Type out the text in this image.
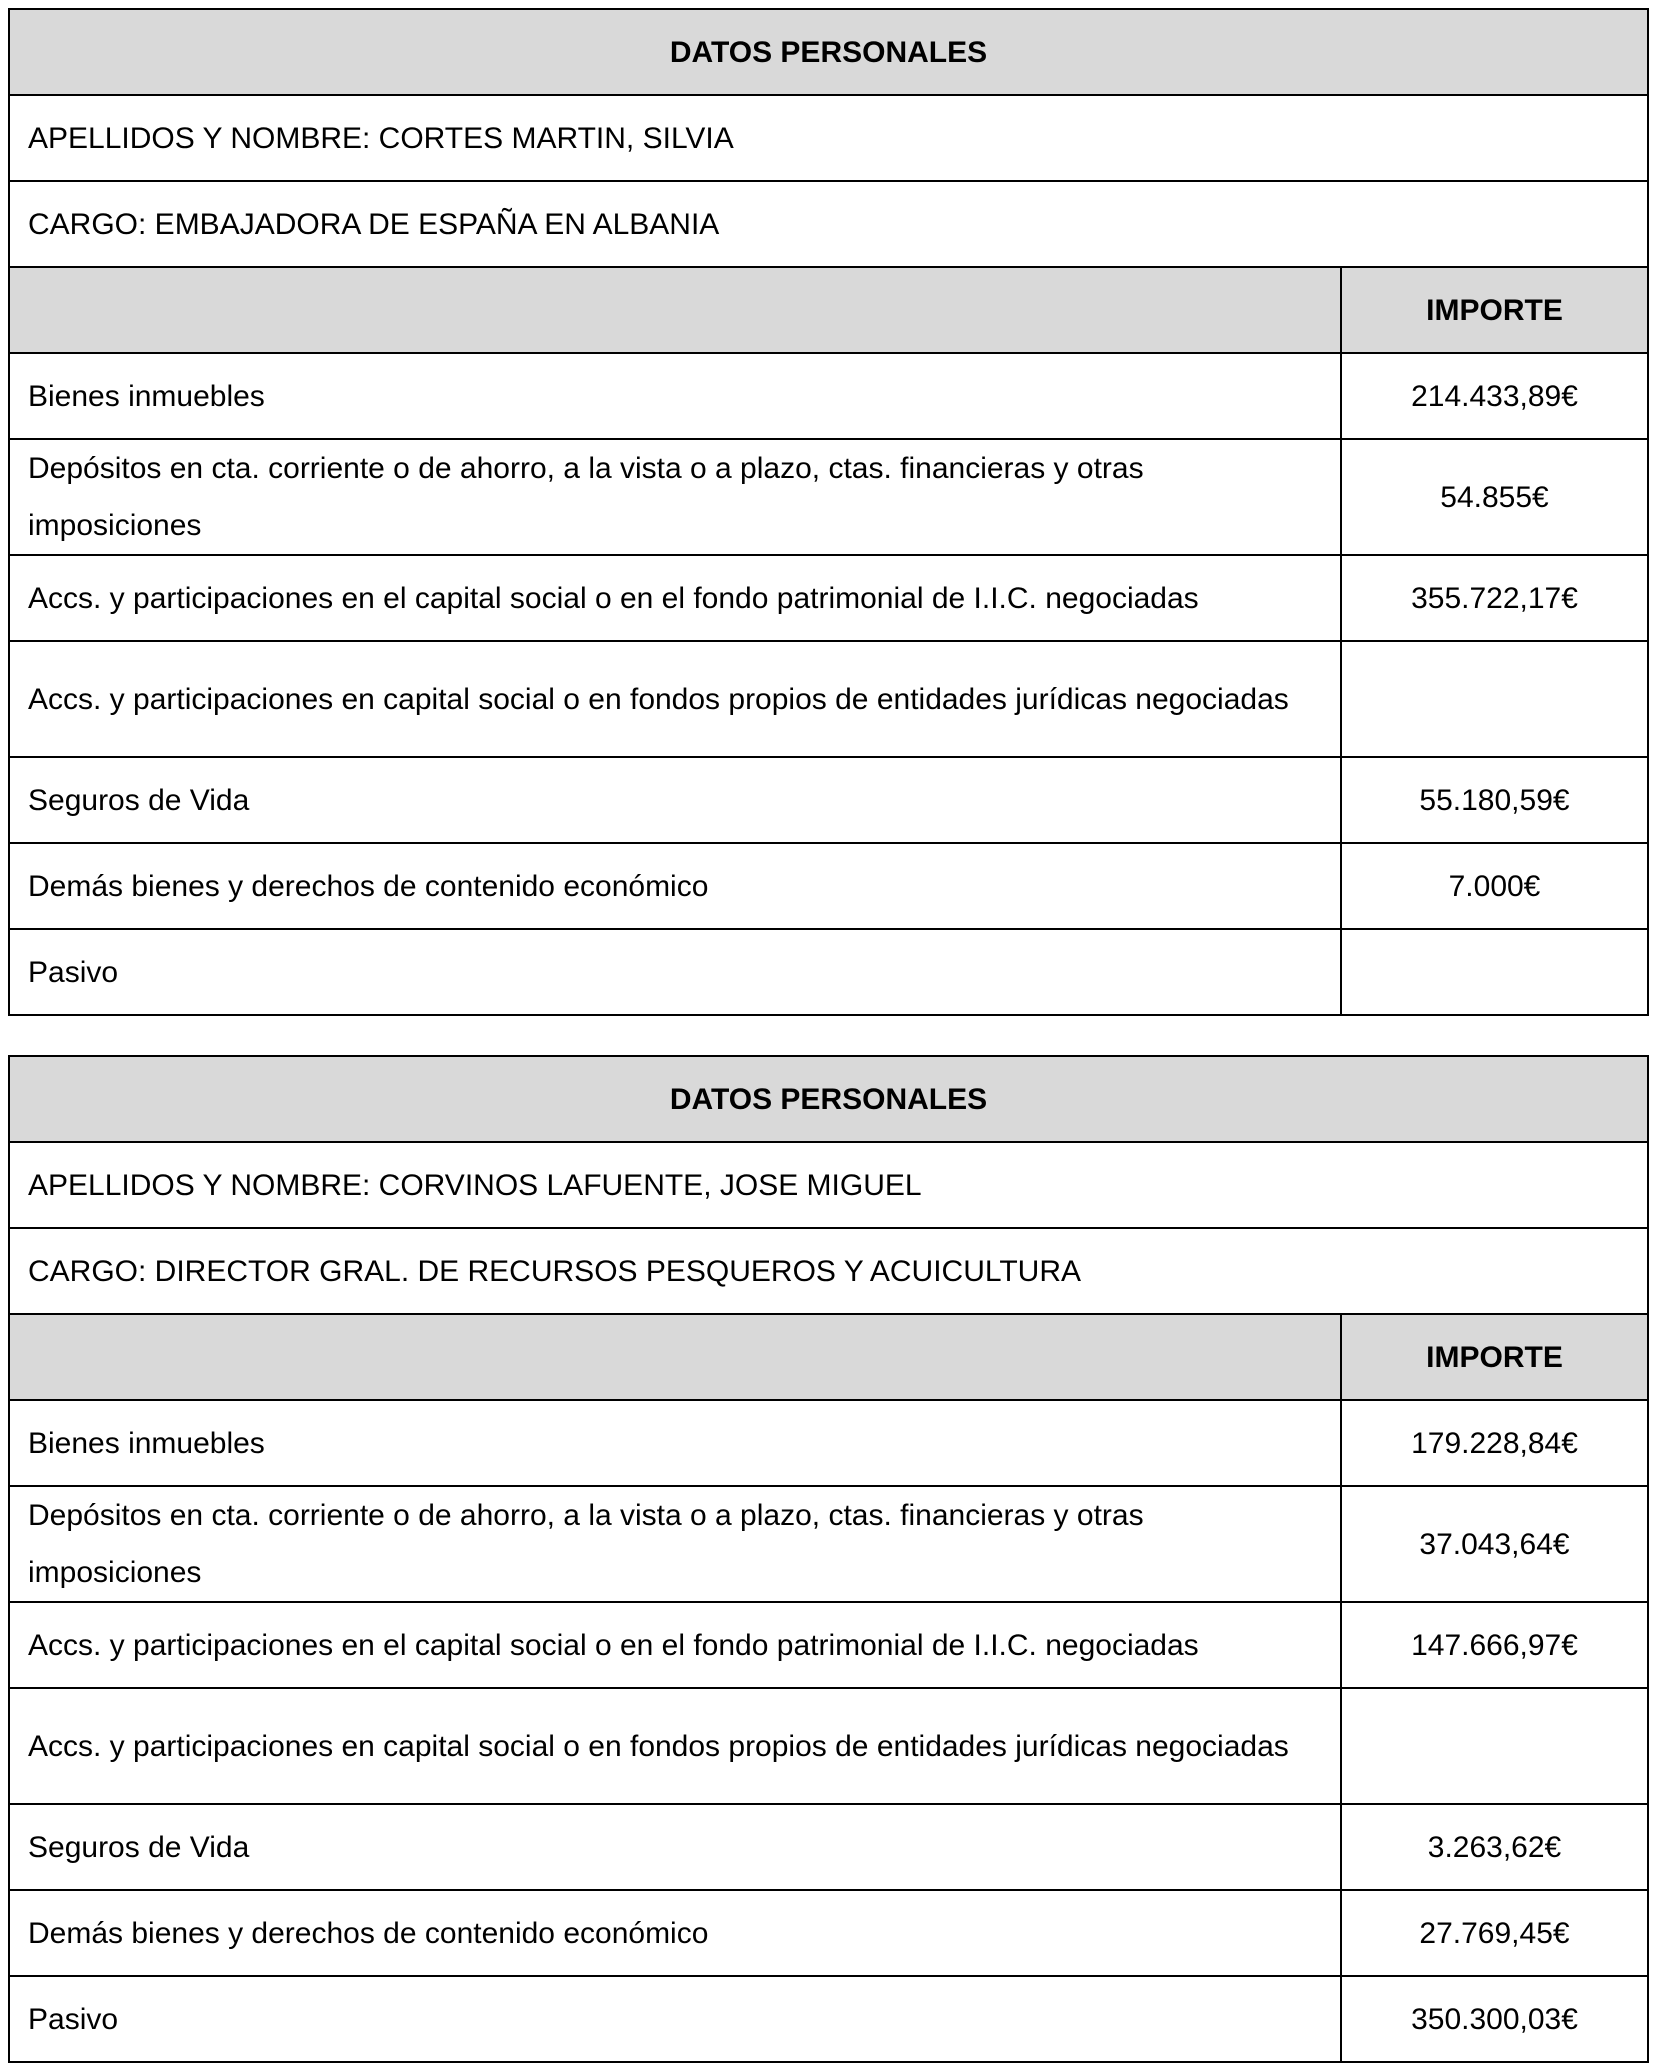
DATOS PERSONALES	
APELLIDOS Y NOMBRE: CORTES MARTIN, SILVIA	
CARGO: EMBAJADORA DE ESPAÑA EN ALBANIA	
	IMPORTE
Bienes inmuebles	214.433,89€
Depósitos en cta. corriente o de ahorro, a la vista o a plazo, ctas. financieras y otras imposiciones	54.855€
Accs. y participaciones en el capital social o en el fondo patrimonial de I.I.C. negociadas	355.722,17€
Accs. y participaciones en capital social o en fondos propios de entidades jurídicas negociadas	
Seguros de Vida	55.180,59€
Demás bienes y derechos de contenido económico	7.000€
Pasivo	
DATOS PERSONALES	
APELLIDOS Y NOMBRE: CORVINOS LAFUENTE, JOSE MIGUEL	
CARGO: DIRECTOR GRAL. DE RECURSOS PESQUEROS Y ACUICULTURA	
	IMPORTE
Bienes inmuebles	179.228,84€
Depósitos en cta. corriente o de ahorro, a la vista o a plazo, ctas. financieras y otras imposiciones	37.043,64€
Accs. y participaciones en el capital social o en el fondo patrimonial de I.I.C. negociadas	147.666,97€
Accs. y participaciones en capital social o en fondos propios de entidades jurídicas negociadas	
Seguros de Vida	3.263,62€
Demás bienes y derechos de contenido económico	27.769,45€
Pasivo	350.300,03€
